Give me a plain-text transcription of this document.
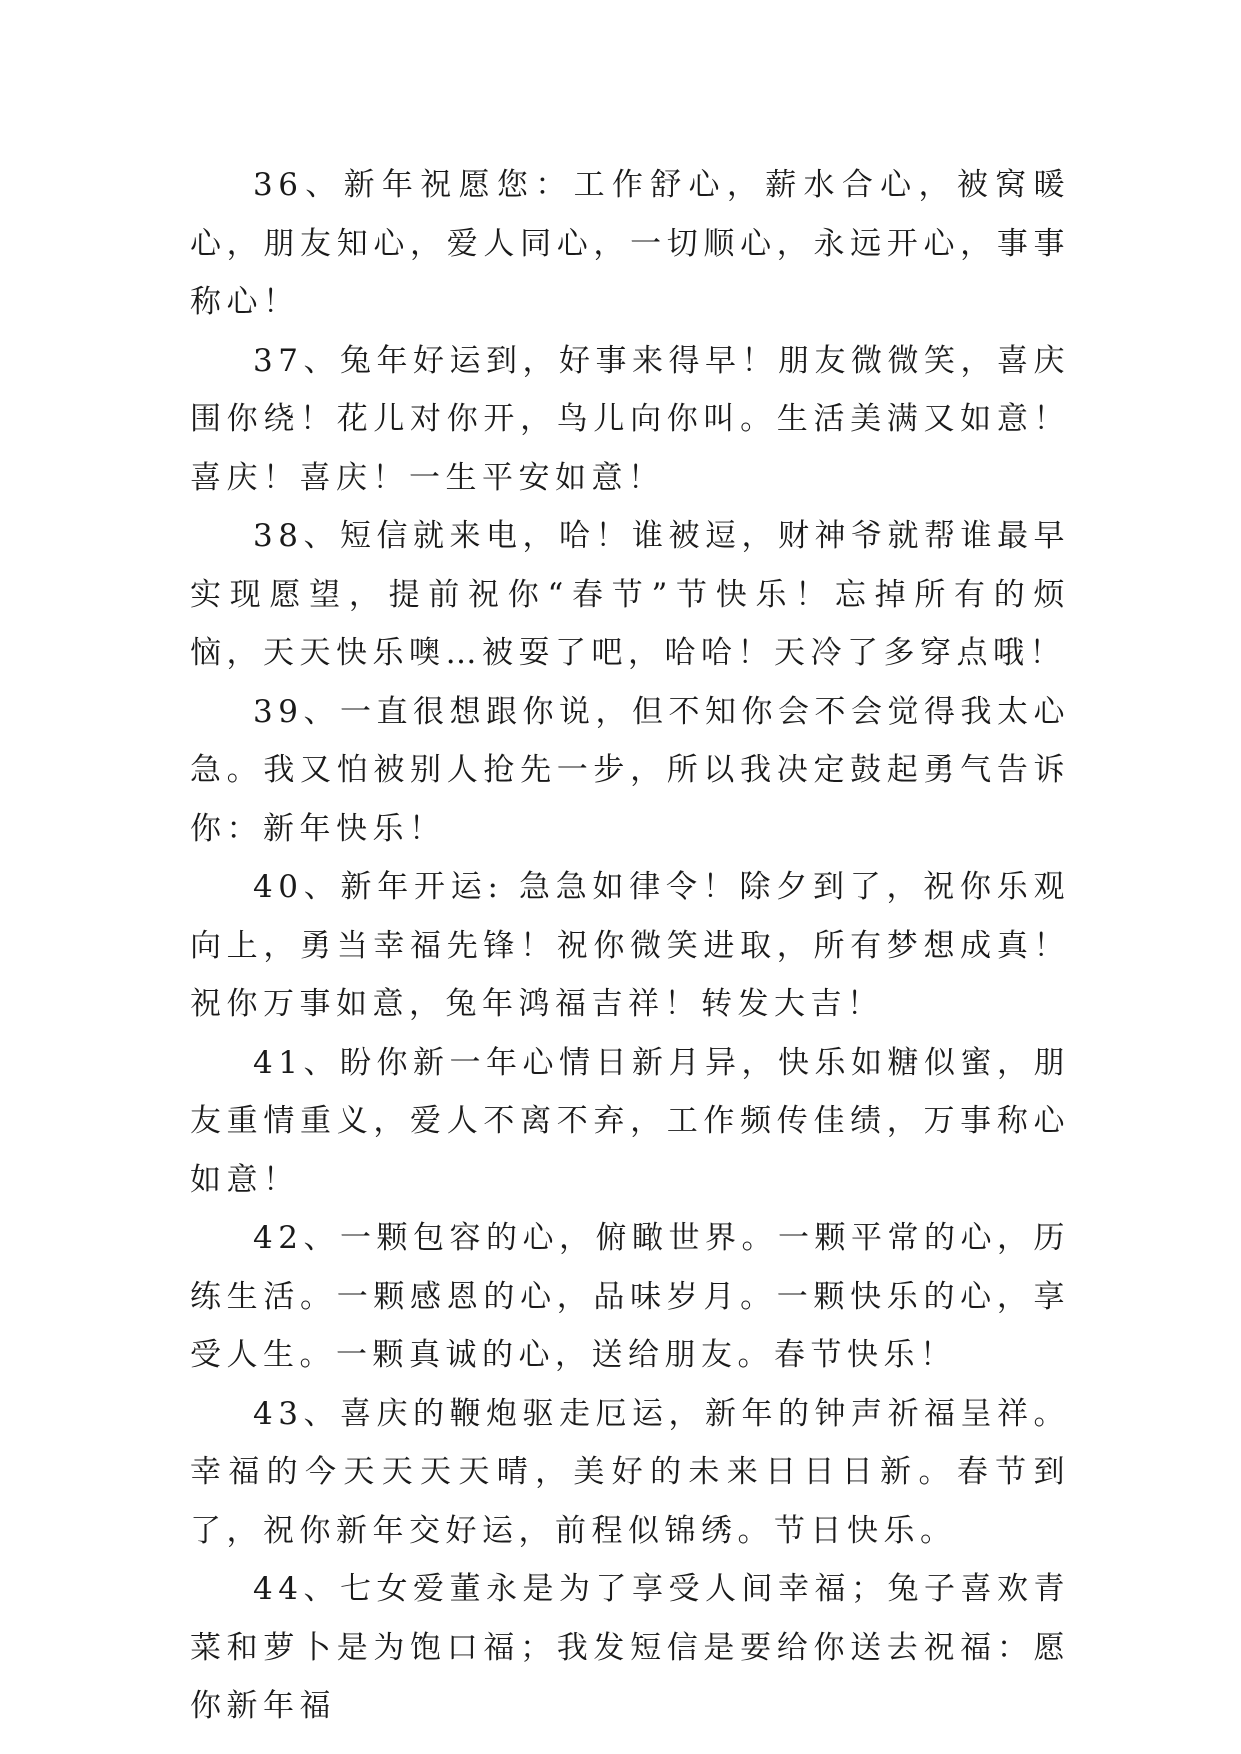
36、新年祝愿您：工作舒心，薪水合心，被窝暖心，朋友知心，爱人同心，一切顺心，永远开心，事事称心！

37、兔年好运到，好事来得早！朋友微微笑，喜庆围你绕！花儿对你开，鸟儿向你叫。生活美满又如意！喜庆！喜庆！一生平安如意！

38、短信就来电，哈！谁被逗，财神爷就帮谁最早实现愿望，提前祝你“春节”节快乐！忘掉所有的烦恼，天天快乐噢…被耍了吧，哈哈！天冷了多穿点哦！

39、一直很想跟你说，但不知你会不会觉得我太心急。我又怕被别人抢先一步，所以我决定鼓起勇气告诉你：新年快乐！

40、新年开运: 急急如律令！除夕到了，祝你乐观向上，勇当幸福先锋！祝你微笑进取，所有梦想成真！祝你万事如意，兔年鸿福吉祥！转发大吉！

41、盼你新一年心情日新月异，快乐如糖似蜜，朋友重情重义，爱人不离不弃，工作频传佳绩，万事称心如意！

42、一颗包容的心，俯瞰世界。一颗平常的心，历练生活。一颗感恩的心，品味岁月。一颗快乐的心，享受人生。一颗真诚的心，送给朋友。春节快乐！

43、喜庆的鞭炮驱走厄运，新年的钟声祈福呈祥。幸福的今天天天天晴，美好的未来日日日新。春节到了，祝你新年交好运，前程似锦绣。节日快乐。

44、七女爱董永是为了享受人间幸福；兔子喜欢青菜和萝卜是为饱口福；我发短信是要给你送去祝福：愿你新年福
